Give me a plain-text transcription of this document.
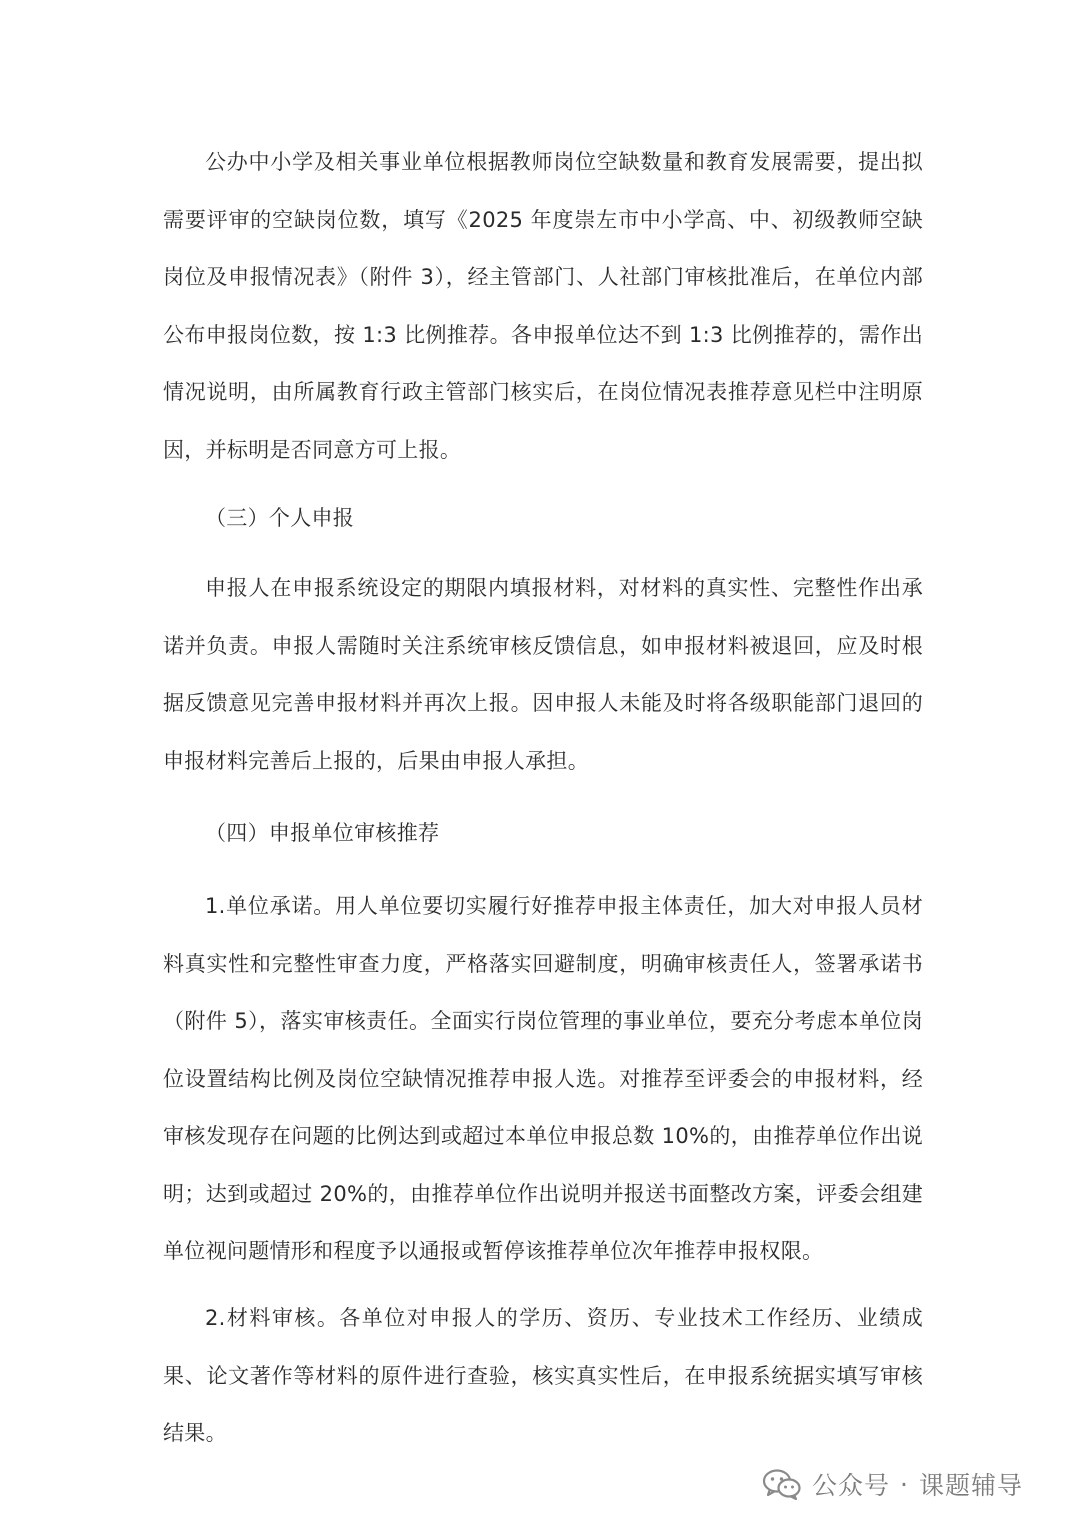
公办中小学及相关事业单位根据教师岗位空缺数量和教育发展需要，提出拟需要评审的空缺岗位数，填写《2025 年度崇左市中小学高、中、初级教师空缺岗位及申报情况表》（附件 3），经主管部门、人社部门审核批准后，在单位内部公布申报岗位数，按 1:3 比例推荐。各申报单位达不到 1:3 比例推荐的，需作出情况说明，由所属教育行政主管部门核实后，在岗位情况表推荐意见栏中注明原因，并标明是否同意方可上报。

（三）个人申报

申报人在申报系统设定的期限内填报材料，对材料的真实性、完整性作出承诺并负责。申报人需随时关注系统审核反馈信息，如申报材料被退回，应及时根据反馈意见完善申报材料并再次上报。因申报人未能及时将各级职能部门退回的申报材料完善后上报的，后果由申报人承担。

（四）申报单位审核推荐

1.单位承诺。用人单位要切实履行好推荐申报主体责任，加大对申报人员材料真实性和完整性审查力度，严格落实回避制度，明确审核责任人，签署承诺书（附件 5），落实审核责任。全面实行岗位管理的事业单位，要充分考虑本单位岗位设置结构比例及岗位空缺情况推荐申报人选。对推荐至评委会的申报材料，经审核发现存在问题的比例达到或超过本单位申报总数 10%的，由推荐单位作出说明；达到或超过 20%的，由推荐单位作出说明并报送书面整改方案，评委会组建单位视问题情形和程度予以通报或暂停该推荐单位次年推荐申报权限。

2.材料审核。各单位对申报人的学历、资历、专业技术工作经历、业绩成果、论文著作等材料的原件进行查验，核实真实性后，在申报系统据实填写审核结果。

公众号 · 课题辅导
